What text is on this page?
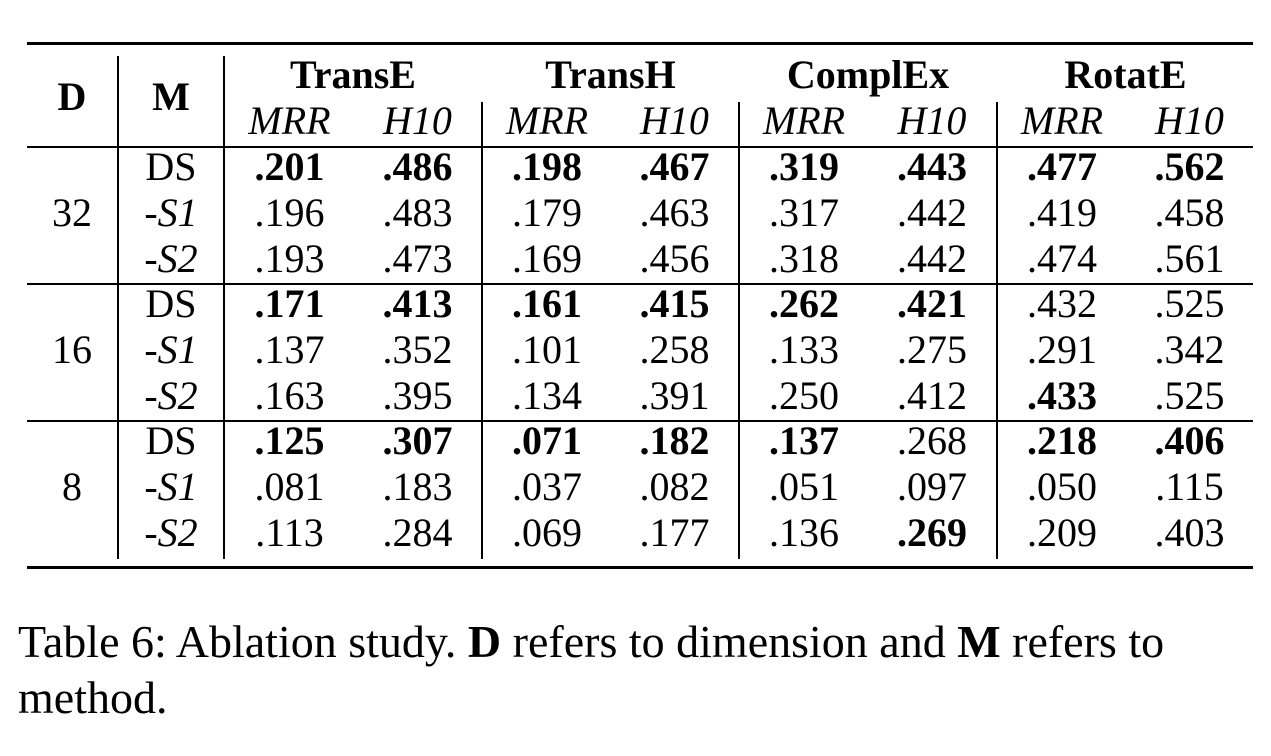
D	M	TransE	TransH	ComplEx	RotatE
MRR	H10	MRR	H10	MRR	H10	MRR	H10
32
DS	.201	.486	.198	.467	.319	.443	.477	.562
-S1	.196	.483	.179	.463	.317	.442	.419	.458
-S2	.193	.473	.169	.456	.318	.442	.474	.561
16
DS	.171	.413	.161	.415	.262	.421	.432	.525
-S1	.137	.352	.101	.258	.133	.275	.291	.342
-S2	.163	.395	.134	.391	.250	.412	.433	.525
8
DS	.125	.307	.071	.182	.137	.268	.218	.406
-S1	.081	.183	.037	.082	.051	.097	.050	.115
-S2	.113	.284	.069	.177	.136	.269	.209	.403
Table 6: Ablation study. D refers to dimension and M refers to method.
